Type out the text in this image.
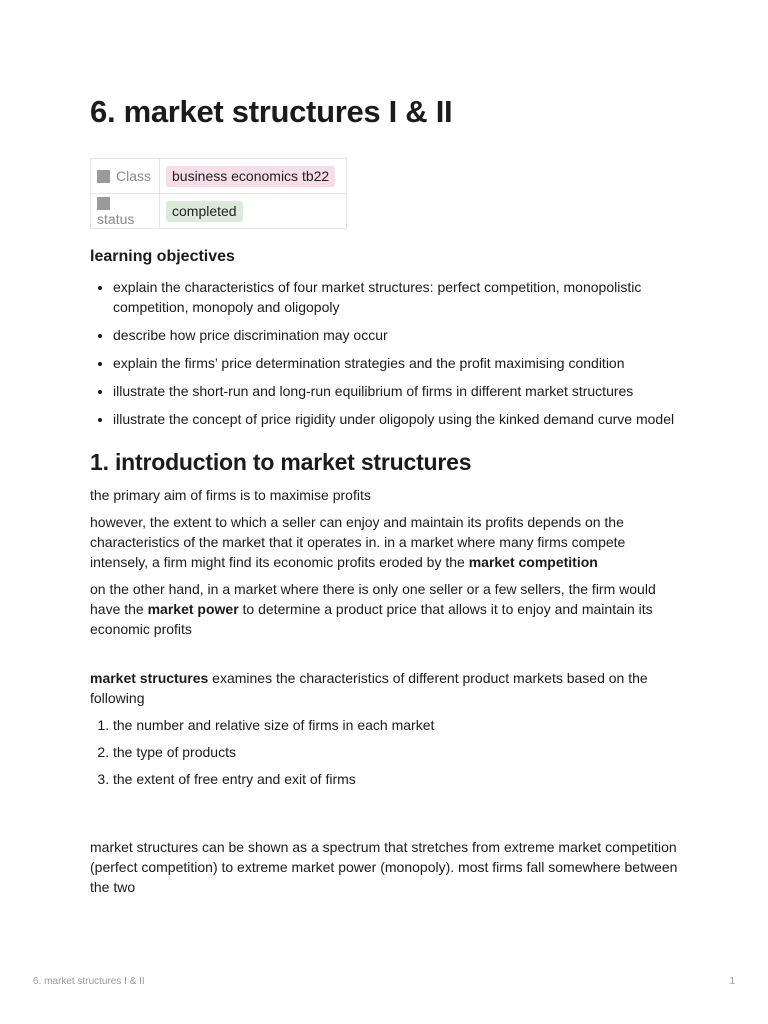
6. market structures I & II
Class	business economics tb22
status	completed
learning objectives
• explain the characteristics of four market structures: perfect competition, monopolistic competition, monopoly and oligopoly
• describe how price discrimination may occur
• explain the firms’ price determination strategies and the profit maximising condition
• illustrate the short-run and long-run equilibrium of firms in different market structures
• illustrate the concept of price rigidity under oligopoly using the kinked demand curve model
1. introduction to market structures

the primary aim of firms is to maximise profits

however, the extent to which a seller can enjoy and maintain its profits depends on the characteristics of the market that it operates in. in a market where many firms compete intensely, a firm might find its economic profits eroded by the market competition

on the other hand, in a market where there is only one seller or a few sellers, the firm would have the market power to determine a product price that allows it to enjoy and maintain its economic profits

market structures examines the characteristics of different product markets based on the following

1. the number and relative size of firms in each market
2. the type of products
3. the extent of free entry and exit of firms

market structures can be shown as a spectrum that stretches from extreme market competition (perfect competition) to extreme market power (monopoly). most firms fall somewhere between the two

6. market structures I & II	1
